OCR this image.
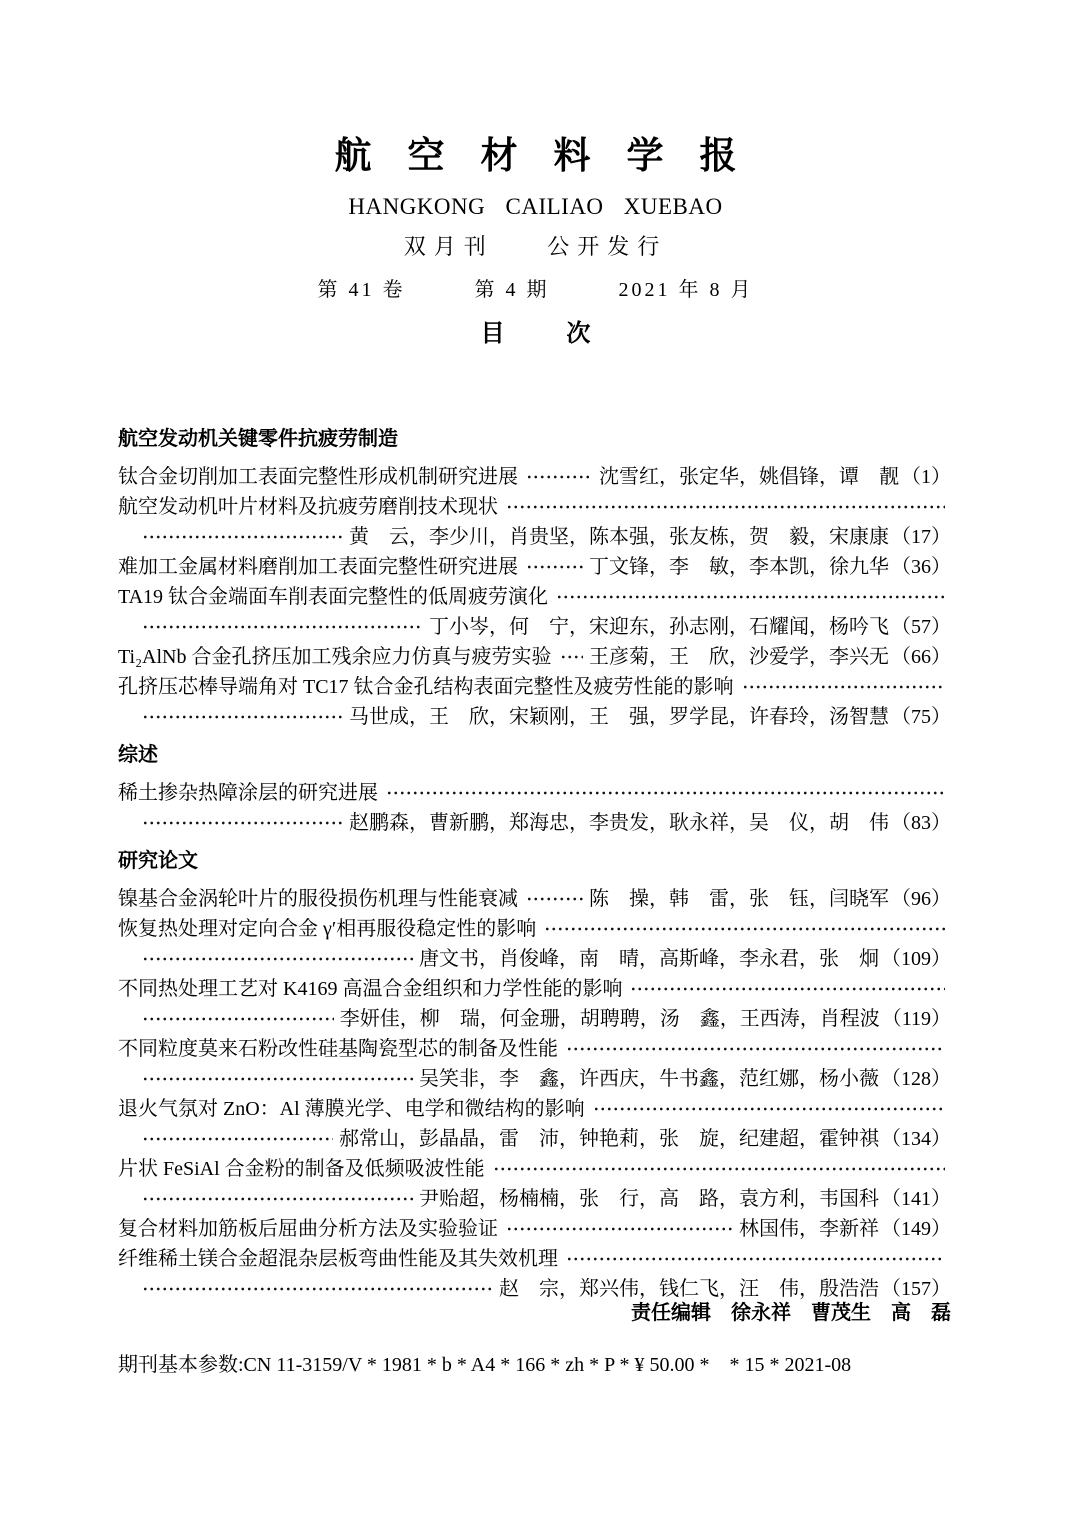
航空材料学报
HANGKONG CAILIAO XUEBAO
双月刊 公开发行
第 41 卷	第 4 期	2021 年 8 月
目	次
航空发动机关键零件抗疲劳制造
钛合金切削加工表面完整性形成机制研究进展	沈雪红，张定华，姚倡锋，谭　靓 （1）
航空发动机叶片材料及抗疲劳磨削技术现状
黄　云，李少川，肖贵坚，陈本强，张友栋，贺　毅，宋康康 （17）
难加工金属材料磨削加工表面完整性研究进展	丁文锋，李　敏，李本凯，徐九华 （36）
TA19 钛合金端面车削表面完整性的低周疲劳演化
丁小岑，何　宁，宋迎东，孙志刚，石耀闻，杨吟飞 （57）
Ti₂AlNb 合金孔挤压加工残余应力仿真与疲劳实验 王彦菊，王　欣，沙爱学，李兴无 （66）
孔挤压芯棒导端角对 TC17 钛合金孔结构表面完整性及疲劳性能的影响
马世成，王　欣，宋颖刚，王　强，罗学昆，许春玲，汤智慧 （75）
综述
稀土掺杂热障涂层的研究进展
赵鹏森，曹新鹏，郑海忠，李贵发，耿永祥，吴　仪，胡　伟 （83）
研究论文
镍基合金涡轮叶片的服役损伤机理与性能衰减	陈　操，韩　雷，张　钰，闫晓军 （96）
恢复热处理对定向合金 γ′相再服役稳定性的影响
唐文书，肖俊峰，南　晴，高斯峰，李永君，张　炯 （109）
不同热处理工艺对 K4169 高温合金组织和力学性能的影响
李妍佳，柳　瑞，何金珊，胡聘聘，汤　鑫，王西涛，肖程波 （119）
不同粒度莫来石粉改性硅基陶瓷型芯的制备及性能
吴笑非，李　鑫，许西庆，牛书鑫，范红娜，杨小薇 （128）
退火气氛对 ZnO：Al 薄膜光学、电学和微结构的影响
郝常山，彭晶晶，雷　沛，钟艳莉，张　旋，纪建超，霍钟祺 （134）
片状 FeSiAl 合金粉的制备及低频吸波性能
尹贻超，杨楠楠，张　行，高　路，袁方利，韦国科 （141）
复合材料加筋板后屈曲分析方法及实验验证	林国伟，李新祥 （149）
纤维稀土镁合金超混杂层板弯曲性能及其失效机理
赵　宗，郑兴伟，钱仁飞，汪　伟，殷浩浩 （157）
责任编辑　徐永祥　曹茂生　高　磊
期刊基本参数:CN 11-3159/V * 1981 * b * A4 * 166 * zh * P * ¥ 50.00 *　* 15 * 2021-08
